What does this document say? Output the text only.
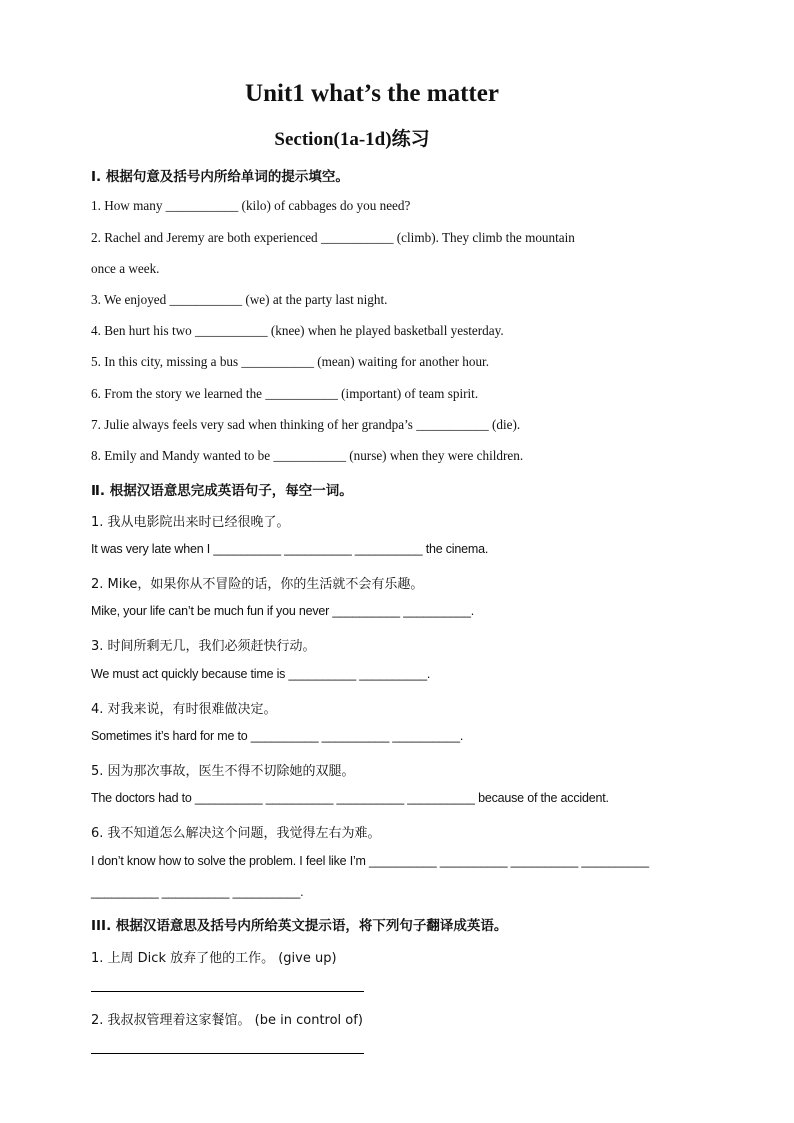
Unit1 what’s the matter
Section(1a-1d)练习
Ⅰ. 根据句意及括号内所给单词的提示填空。
1. How many ___________ (kilo) of cabbages do you need?
2. Rachel and Jeremy are both experienced ___________ (climb). They climb the mountain
once a week.
3. We enjoyed ___________ (we) at the party last night.
4. Ben hurt his two ___________ (knee) when he played basketball yesterday.
5. In this city, missing a bus ___________ (mean) waiting for another hour.
6. From the story we learned the ___________ (important) of team spirit.
7. Julie always feels very sad when thinking of her grandpa’s ___________ (die).
8. Emily and Mandy wanted to be ___________ (nurse) when they were children.
Ⅱ. 根据汉语意思完成英语句子，每空一词。
1. 我从电影院出来时已经很晚了。
It was very late when I __________ __________ __________ the cinema.
2. Mike，如果你从不冒险的话，你的生活就不会有乐趣。
Mike, your life can’t be much fun if you never __________ __________.
3. 时间所剩无几，我们必须赶快行动。
We must act quickly because time is __________ __________.
4. 对我来说，有时很难做决定。
Sometimes it’s hard for me to __________ __________ __________.
5. 因为那次事故，医生不得不切除她的双腿。
The doctors had to __________ __________ __________ __________ because of the accident.
6. 我不知道怎么解决这个问题，我觉得左右为难。
I don’t know how to solve the problem. I feel like I’m __________ __________ __________ __________
__________ __________ __________.
III. 根据汉语意思及括号内所给英文提示语，将下列句子翻译成英语。
1. 上周 Dick 放弃了他的工作。 (give up)
2. 我叔叔管理着这家餐馆。 (be in control of)
